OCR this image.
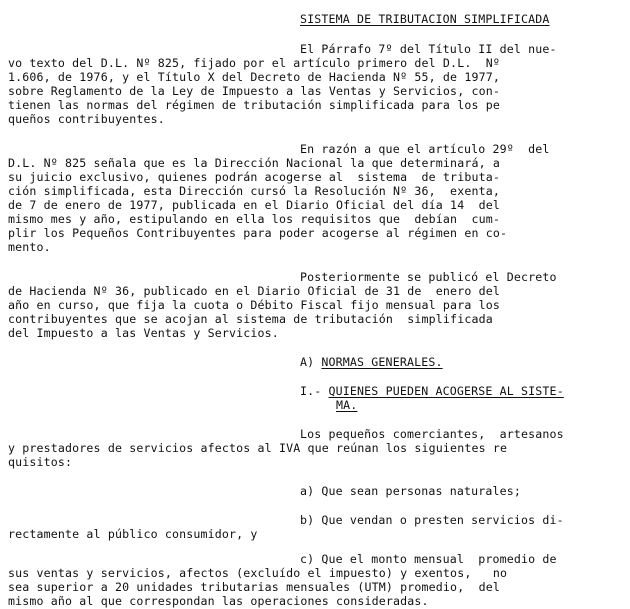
SISTEMA DE TRIBUTACION SIMPLIFICADA
El Párrafo 7º del Título II del nue-
vo texto del D.L. Nº 825, fijado por el artículo primero del D.L.  Nº
1.606, de 1976, y el Título X del Decreto de Hacienda Nº 55, de 1977,
sobre Reglamento de la Ley de Impuesto a las Ventas y Servicios, con-
tienen las normas del régimen de tributación simplificada para los pe
queños contribuyentes.
En razón a que el artículo 29º  del
D.L. Nº 825 señala que es la Dirección Nacional la que determinará, a
su juicio exclusivo, quienes podrán acogerse al  sistema  de tributa-
ción simplificada, esta Dirección cursó la Resolución Nº 36,  exenta,
de 7 de enero de 1977, publicada en el Diario Oficial del día 14  del
mismo mes y año, estipulando en ella los requisitos que  debían  cum-
plir los Pequeños Contribuyentes para poder acogerse al régimen en co-
mento.
Posteriormente se publicó el Decreto
de Hacienda Nº 36, publicado en el Diario Oficial de 31 de  enero del
año en curso, que fija la cuota o Débito Fiscal fijo mensual para los
contribuyentes que se acojan al sistema de tributación  simplificada
del Impuesto a las Ventas y Servicios.
A) NORMAS GENERALES.
I.- QUIENES PUEDEN ACOGERSE AL SISTE-
MA.
Los pequeños comerciantes,  artesanos
y prestadores de servicios afectos al IVA que reúnan los siguientes re
quisitos:
a) Que sean personas naturales;
b) Que vendan o presten servicios di-
rectamente al público consumidor, y
c) Que el monto mensual  promedio de
sus ventas y servicios, afectos (excluído el impuesto) y exentos,   no
sea superior a 20 unidades tributarias mensuales (UTM) promedio,  del
mismo año al que correspondan las operaciones consideradas.
